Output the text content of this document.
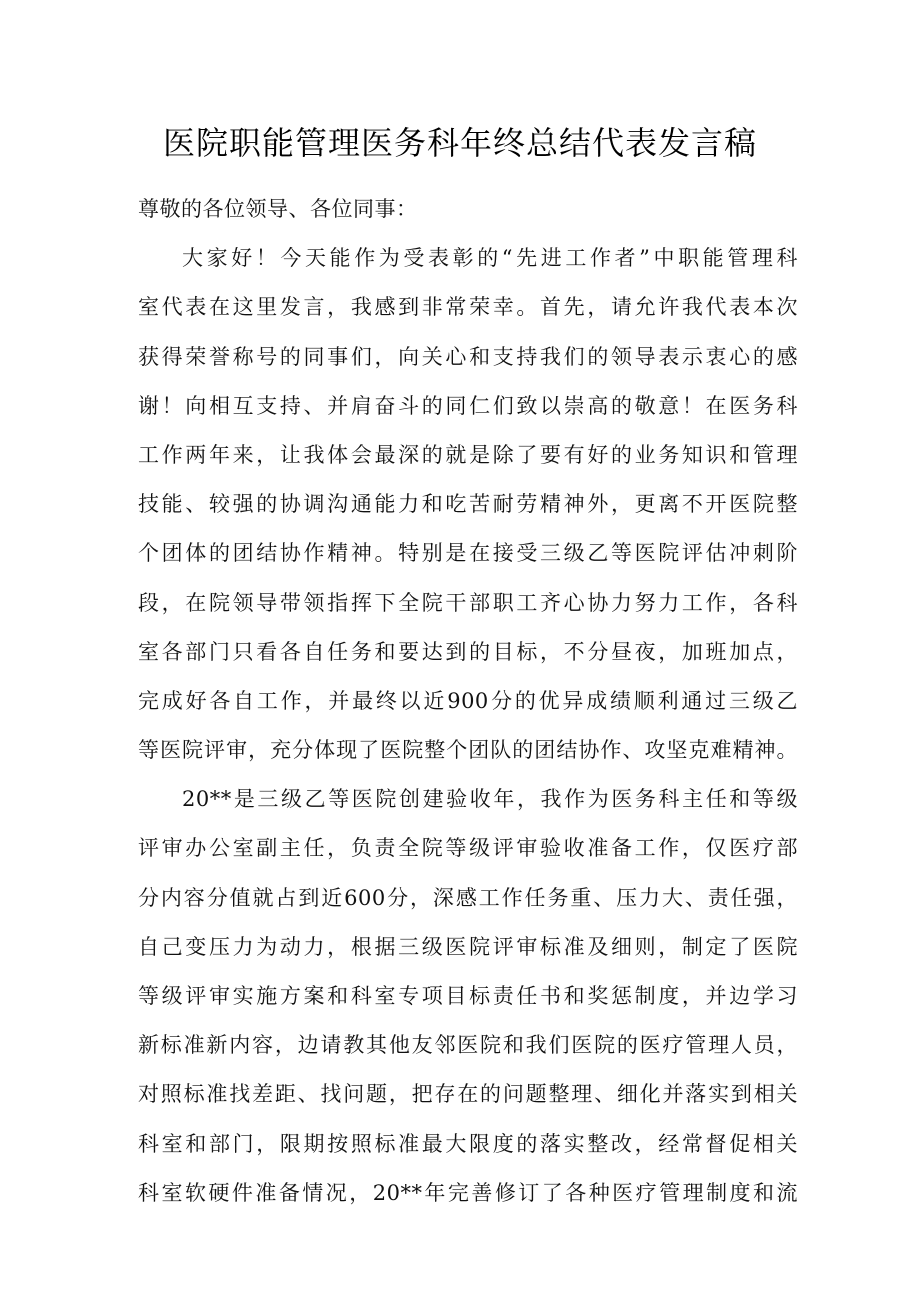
医院职能管理医务科年终总结代表发言稿
尊敬的各位领导、各位同事：
大家好！今天能作为受表彰的“先进工作者”中职能管理科
室代表在这里发言，我感到非常荣幸。首先，请允许我代表本次
获得荣誉称号的同事们，向关心和支持我们的领导表示衷心的感
谢！向相互支持、并肩奋斗的同仁们致以崇高的敬意！在医务科
工作两年来，让我体会最深的就是除了要有好的业务知识和管理
技能、较强的协调沟通能力和吃苦耐劳精神外，更离不开医院整
个团体的团结协作精神。特别是在接受三级乙等医院评估冲刺阶
段，在院领导带领指挥下全院干部职工齐心协力努力工作，各科
室各部门只看各自任务和要达到的目标，不分昼夜，加班加点，
完成好各自工作，并最终以近900分的优异成绩顺利通过三级乙
等医院评审，充分体现了医院整个团队的团结协作、攻坚克难精神。
20**是三级乙等医院创建验收年，我作为医务科主任和等级
评审办公室副主任，负责全院等级评审验收准备工作，仅医疗部
分内容分值就占到近600分，深感工作任务重、压力大、责任强，
自己变压力为动力，根据三级医院评审标准及细则，制定了医院
等级评审实施方案和科室专项目标责任书和奖惩制度，并边学习
新标准新内容，边请教其他友邻医院和我们医院的医疗管理人员，
对照标准找差距、找问题，把存在的问题整理、细化并落实到相关
科室和部门，限期按照标准最大限度的落实整改，经常督促相关
科室软硬件准备情况，20**年完善修订了各种医疗管理制度和流
